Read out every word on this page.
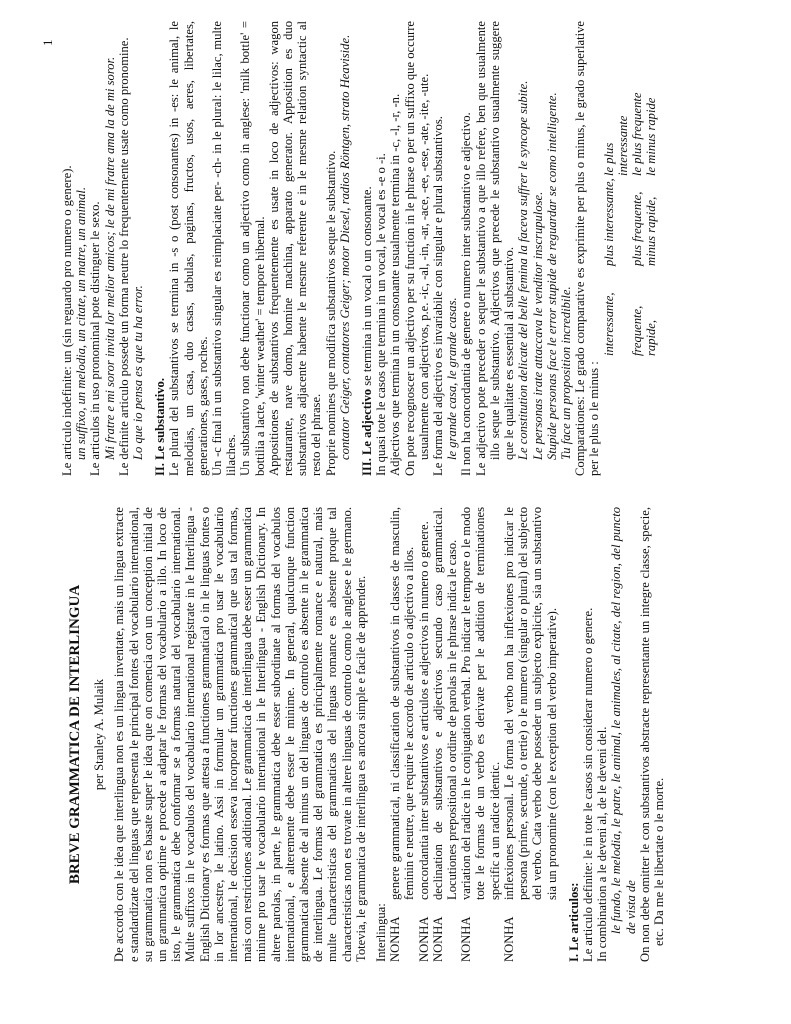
1
BREVE GRAMMATICA DE INTERLINGUA per Stanley A. Mulaik De accordo con le idea que interlingua non es un lingua inventate, mais un lingua extracte e standardizate del linguas que representa le principal fontes del vocabulario international, su grammatica non es basate super le idea que on comencia con un conception initial de un grammatica optime e procede a adaptar le formas del vocabulario a illo. In loco de isto, le grammatica debe conformar se a formas natural del vocabulario international. Multe suffixos in le vocabulos del vocabulario international registrate in le Interlingua - English Dictionary es formas que attesta a functiones grammatical o in le linguas fontes o in lor ancestre, le latino. Assi in formular un grammatica pro usar le vocabulario international, le decision esseva incorporar functiones grammatical que usa tal formas, mais con restrictiones additional. Le grammatica de interlingua debe esser un grammatica minime pro usar le vocabulario international in le Interlingua - English Dictionary. In altere parolas, in parte, le grammatica debe esser subordinate al formas del vocabulos international, e alteremente debe esser le minime. In general, qualcunque function grammatical absente de al minus un del linguas de controlo es absente in le grammatica de interlingua. Le formas del grammatica es principalmente romance e natural, mais multe characteristicas del grammaticas del linguas romance es absente proque tal characteristicas non es trovate in altere linguas de controlo como le anglese e le germano. Totevia, le grammatica de interlingua es ancora simple e facile de apprender. Interlingua: NONHA
genere grammatical, ni classification de substantivos in classes de masculin, feminin e neutre, que require le accordo de articulo o adjectivo a illos.
NONHA
concordantia inter substantivos e articulos e adjectivos in numero o genere.
NONHA
declination de substantivos e adjectivos secundo caso grammatical. Locutiones prepositional o ordine de parolas in le phrase indica le caso.
NONHA
variation del radice in le conjugation verbal. Pro indicar le tempore o le modo tote le formas de un verbo es derivate per le addition de terminationes specific a un radice identic.
NONHA
inflexiones personal. Le forma del verbo non ha inflexiones pro indicar le persona (prime, secunde, o tertie) o le numero (singular o plural) del subjecto del verbo. Cata verbo debe posseder un subjecto explicite, sia un substantivo sia un pronomine (con le exception del verbo imperative).
I. Le articulos: Le articulo definite: le in tote le casos sin considerar numero o genere. In combination a le deveni al, de le deveni del. le fundo, le melodia, le patre, le animal, le animales, al citate, del region, del puncto de vista de On non debe omitter le con substantivos abstracte representante un integre classe, specie, etc. Da me le libertate o le morte.

Le articulo indefinite: un (sin reguardo pro numero o genere). un suffixo, un melodia, un citate, un matre, un animal. Le articulos in uso pronominal pote distinguer le sexo. Mi fratre e mi soror invita lor melior amicos; le de mi fratre ama la de mi soror. Le definite articulo possede un forma neutre lo frequentemente usate como pronomine. Lo que io pensa es que tu ha error. II. Le substantivo. Le plural del substantivos se termina in -s o (post consonantes) in -es: le animal, le melodias, un casa, duo casas, tabulas, paginas, fructos, usos, aeres, libertates, generationes, gases, roches. Un -c final in un substantivo singular es reimplaciate per- -ch- in le plural: le lilac, multe lilaches. Un substantivo non debe functionar como un adjectivo como in anglese: 'milk bottle' = bottilia a lacte, 'winter weather' = tempore hibernal. Appositiones de substantivos frequentemente es usate in loco de adjectivos: wagon restaurante, nave domo, homine machina, apparato generator. Apposition es duo substantivos adjacente habente le mesme referente e in le mesme relation syntactic al resto del phrase. Proprie nomines que modifica substantivos seque le substantivo. contator Geiger, contatores Geiger; motor Diesel, radios Röntgen, strato Heaviside. III. Le adjectivo se termina in un vocal o un consonante. In quasi tote le casos que termina in un vocal, le vocal es -e o -i. Adjectivos que termina in un consonante usualmente termina in -c, -l, -r, -n. On pote recognoscer un adjectivo per su function in le phrase o per un suffixo que occurre usualmente con adjectivos, p.e. -ic, -al, -in, -ar, -ace, -ee, -ese, -ate, -ite, -ute. Le forma del adjectivo es invariabile con singular e plural substantivos. le grande casa, le grande casas. Il non ha concordantia de genere o numero inter substantivo e adjectivo. Le adjectivo pote preceder o sequer le substantivo a que illo refere, ben que usualmente illo seque le substantivo. Adjectivos que precede le substantivo usualmente suggere que le qualitate es essential al substantivo. Le constitution delicate del belle femina la faceva suffrer le syncope subite. Le personas irate attaccava le venditor inscrupulose. Stupide personas face le error stupide de reguardar se como intelligente. Tu face un proposition incredibile. Comparationes: Le grado comparative es exprimite per plus o minus, le grado superlative per le plus o le minus :

interessante,
plus interessante,
le plus interessante
frequente,
plus frequente,
le plus frequente
rapide,
minus rapide,
le minus rapide
